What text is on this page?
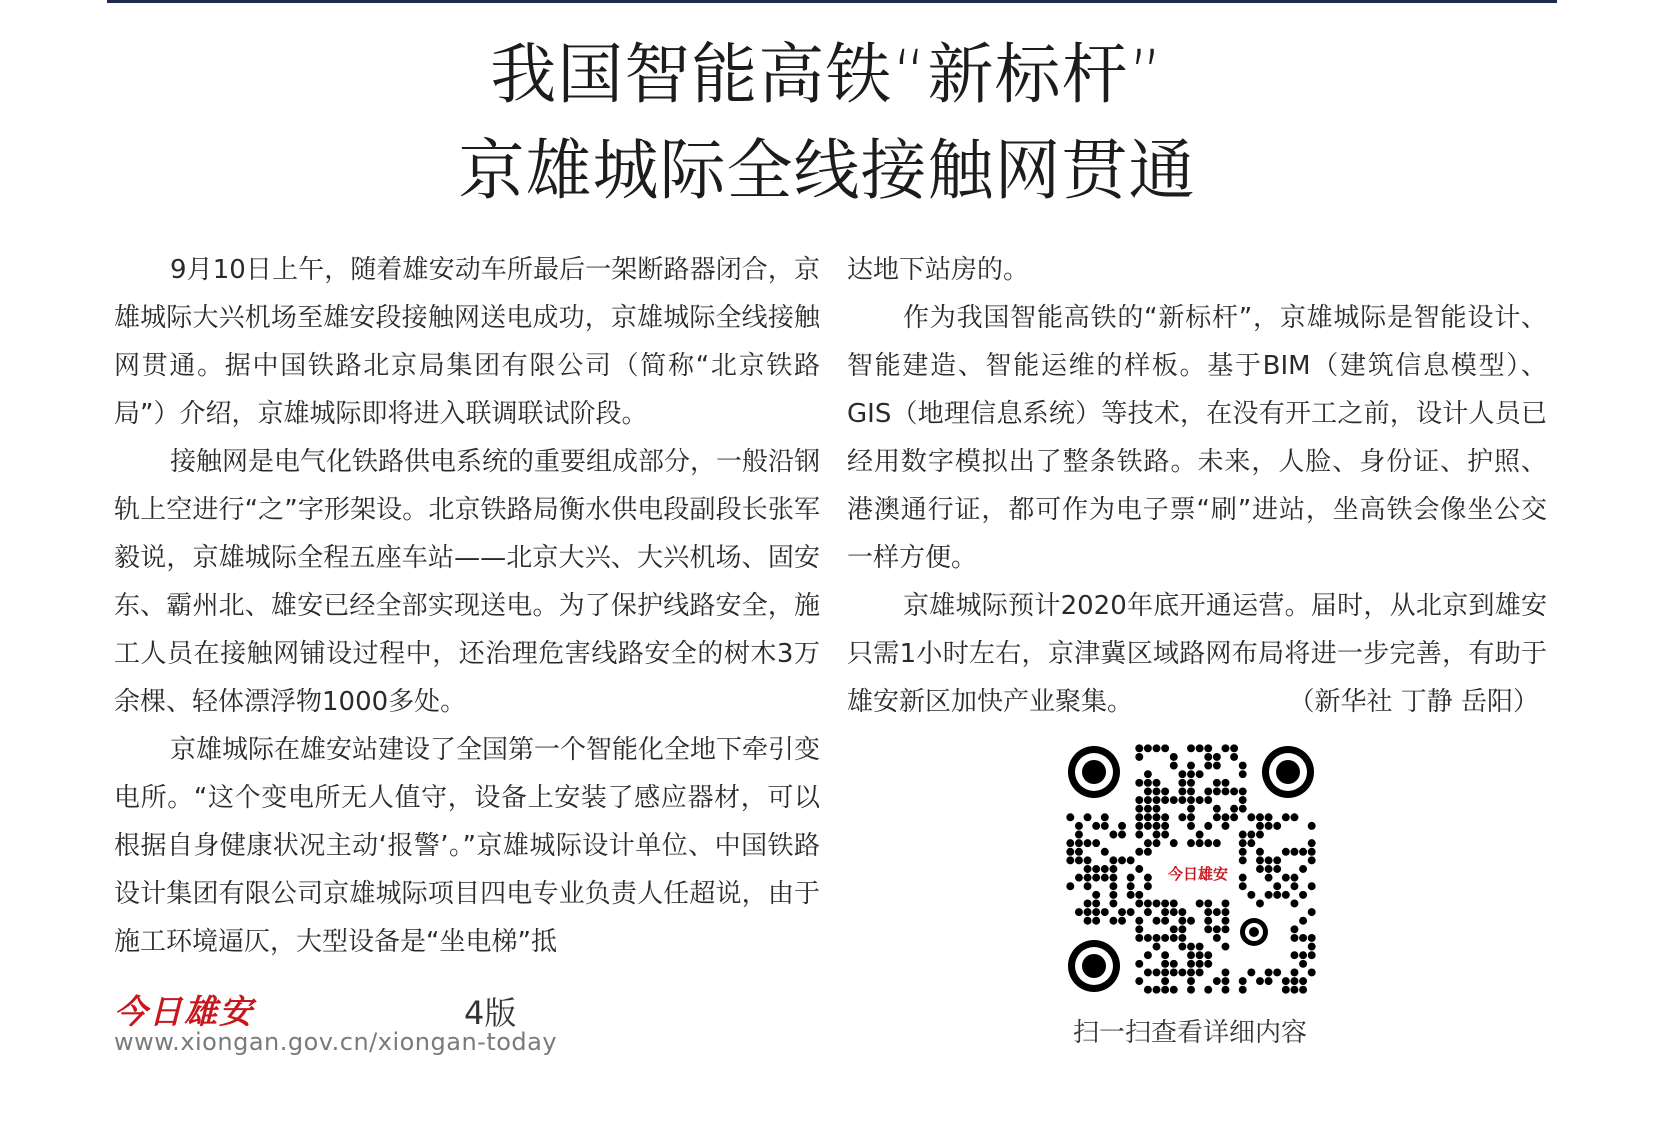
我国智能高铁“新标杆”
京雄城际全线接触网贯通

9月10日上午，随着雄安动车所最后一架断路器闭合，京雄城际大兴机场至雄安段接触网送电成功，京雄城际全线接触网贯通。据中国铁路北京局集团有限公司（简称“北京铁路局”）介绍，京雄城际即将进入联调联试阶段。

接触网是电气化铁路供电系统的重要组成部分，一般沿钢轨上空进行“之”字形架设。北京铁路局衡水供电段副段长张军毅说，京雄城际全程五座车站——北京大兴、大兴机场、固安东、霸州北、雄安已经全部实现送电。为了保护线路安全，施工人员在接触网铺设过程中，还治理危害线路安全的树木3万余棵、轻体漂浮物1000多处。

京雄城际在雄安站建设了全国第一个智能化全地下牵引变电所。“这个变电所无人值守，设备上安装了感应器材，可以根据自身健康状况主动‘报警’。”京雄城际设计单位、中国铁路设计集团有限公司京雄城际项目四电专业负责人任超说，由于施工环境逼仄，大型设备是“坐电梯”抵

达地下站房的。

作为我国智能高铁的“新标杆”，京雄城际是智能设计、智能建造、智能运维的样板。基于BIM（建筑信息模型）、GIS（地理信息系统）等技术，在没有开工之前，设计人员已经用数字模拟出了整条铁路。未来，人脸、身份证、护照、港澳通行证，都可作为电子票“刷”进站，坐高铁会像坐公交一样方便。

京雄城际预计2020年底开通运营。届时，从北京到雄安只需1小时左右，京津冀区域路网布局将进一步完善，有助于雄安新区加快产业聚集。	（新华社 丁静 岳阳）

今日雄安	4版
www.xiongan.gov.cn/xiongan-today
今日雄安
扫一扫查看详细内容
